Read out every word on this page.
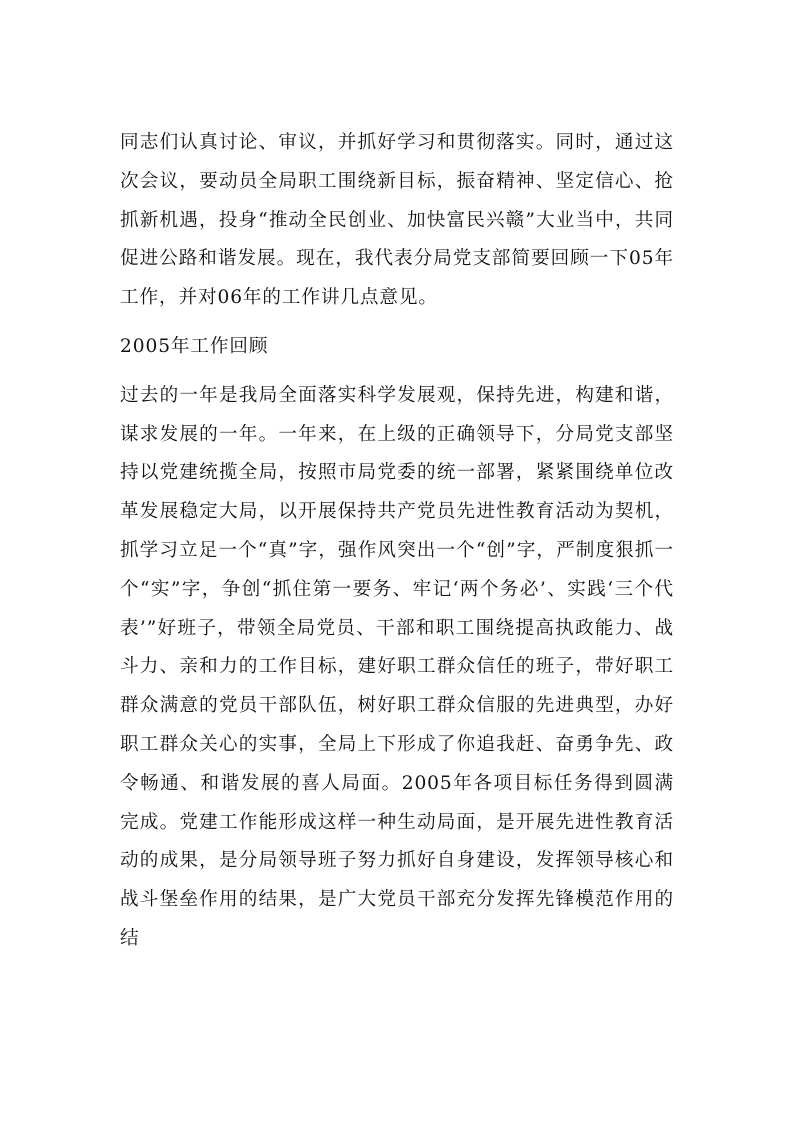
同志们认真讨论、审议，并抓好学习和贯彻落实。同时，通过这次会议，要动员全局职工围绕新目标，振奋精神、坚定信心、抢抓新机遇，投身“推动全民创业、加快富民兴赣”大业当中，共同促进公路和谐发展。现在，我代表分局党支部简要回顾一下05年工作，并对06年的工作讲几点意见。

2005年工作回顾

过去的一年是我局全面落实科学发展观，保持先进，构建和谐，谋求发展的一年。一年来，在上级的正确领导下，分局党支部坚持以党建统揽全局，按照市局党委的统一部署，紧紧围绕单位改革发展稳定大局，以开展保持共产党员先进性教育活动为契机，抓学习立足一个“真”字，强作风突出一个“创”字，严制度狠抓一个“实”字，争创“抓住第一要务、牢记‘两个务必’、实践‘三个代表’”好班子，带领全局党员、干部和职工围绕提高执政能力、战斗力、亲和力的工作目标，建好职工群众信任的班子，带好职工群众满意的党员干部队伍，树好职工群众信服的先进典型，办好职工群众关心的实事，全局上下形成了你追我赶、奋勇争先、政令畅通、和谐发展的喜人局面。2005年各项目标任务得到圆满完成。党建工作能形成这样一种生动局面，是开展先进性教育活动的成果，是分局领导班子努力抓好自身建设，发挥领导核心和战斗堡垒作用的结果，是广大党员干部充分发挥先锋模范作用的结
